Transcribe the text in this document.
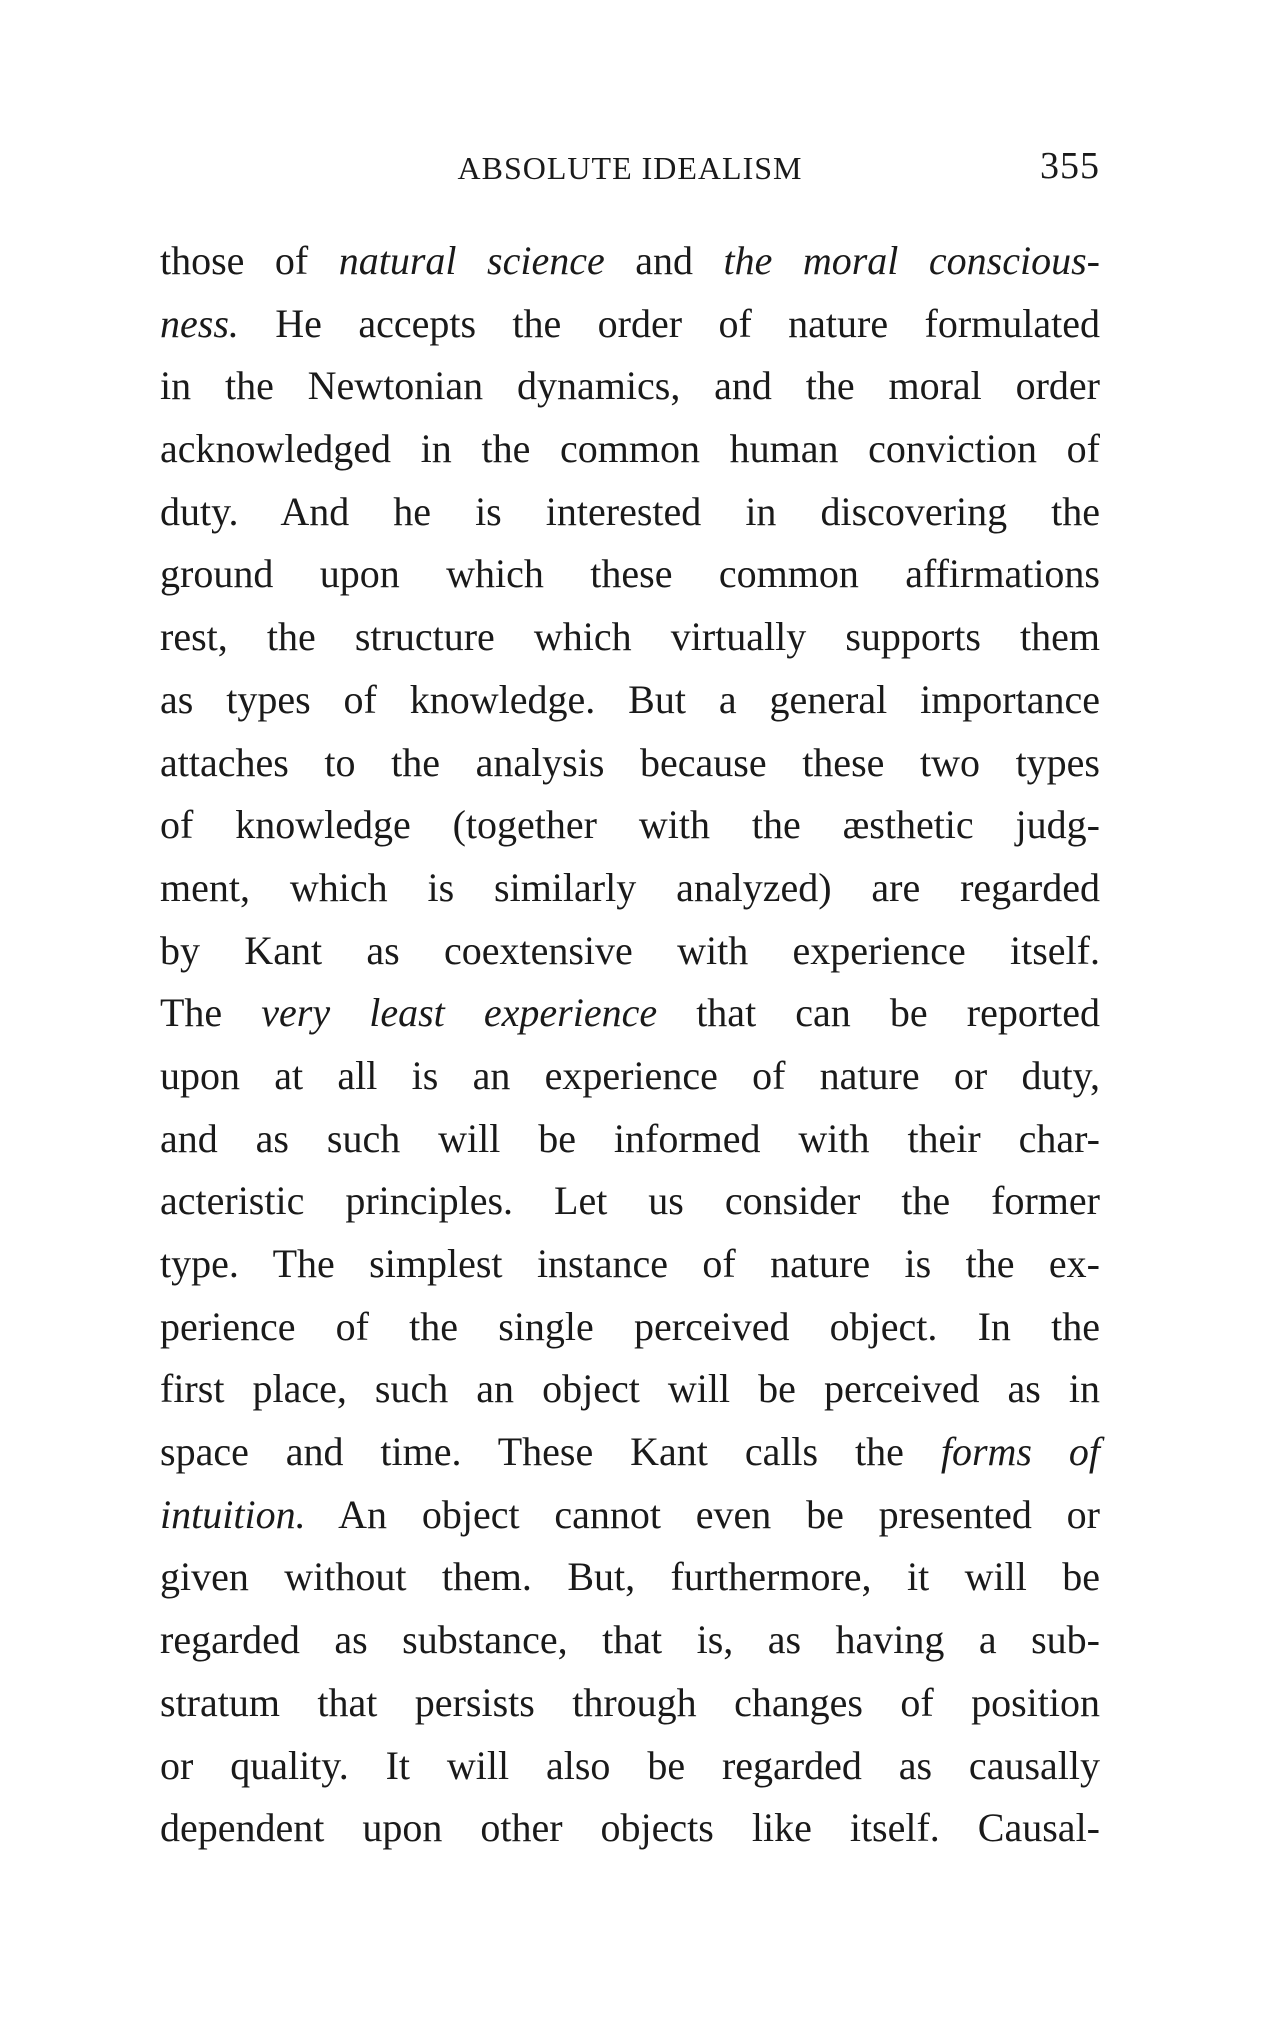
ABSOLUTE IDEALISM	355
those of natural science and the moral conscious-
ness. He accepts the order of nature formulated
in the Newtonian dynamics, and the moral order
acknowledged in the common human conviction of
duty. And he is interested in discovering the
ground upon which these common affirmations
rest, the structure which virtually supports them
as types of knowledge. But a general importance
attaches to the analysis because these two types
of knowledge (together with the æsthetic judg-
ment, which is similarly analyzed) are regarded
by Kant as coextensive with experience itself.
The very least experience that can be reported
upon at all is an experience of nature or duty,
and as such will be informed with their char-
acteristic principles. Let us consider the former
type. The simplest instance of nature is the ex-
perience of the single perceived object. In the
first place, such an object will be perceived as in
space and time. These Kant calls the forms of
intuition. An object cannot even be presented or
given without them. But, furthermore, it will be
regarded as substance, that is, as having a sub-
stratum that persists through changes of position
or quality. It will also be regarded as causally
dependent upon other objects like itself. Causal-
